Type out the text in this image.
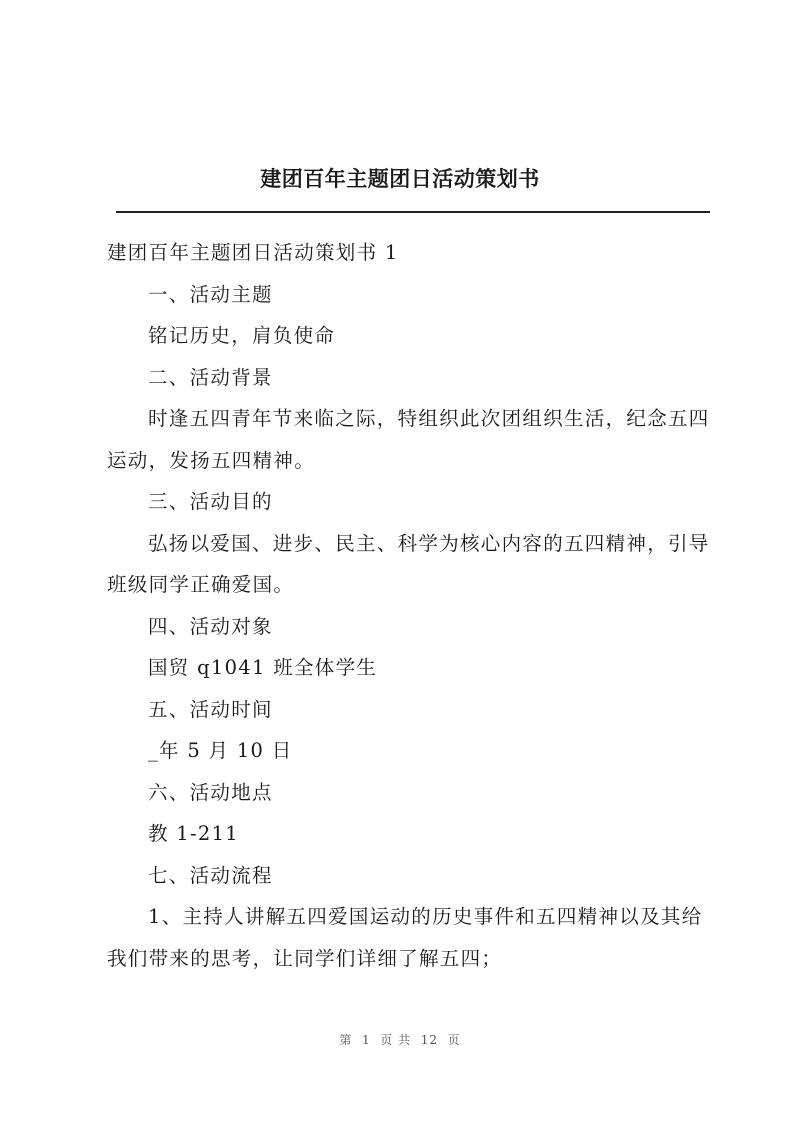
建团百年主题团日活动策划书

建团百年主题团日活动策划书 1

一、活动主题

铭记历史，肩负使命

二、活动背景

时逢五四青年节来临之际，特组织此次团组织生活，纪念五四运动，发扬五四精神。

三、活动目的

弘扬以爱国、进步、民主、科学为核心内容的五四精神，引导班级同学正确爱国。

四、活动对象

国贸 q1041 班全体学生

五、活动时间

_年 5 月 10 日

六、活动地点

教 1-211

七、活动流程

1、主持人讲解五四爱国运动的历史事件和五四精神以及其给我们带来的思考，让同学们详细了解五四；

第  1  页 共  12  页
